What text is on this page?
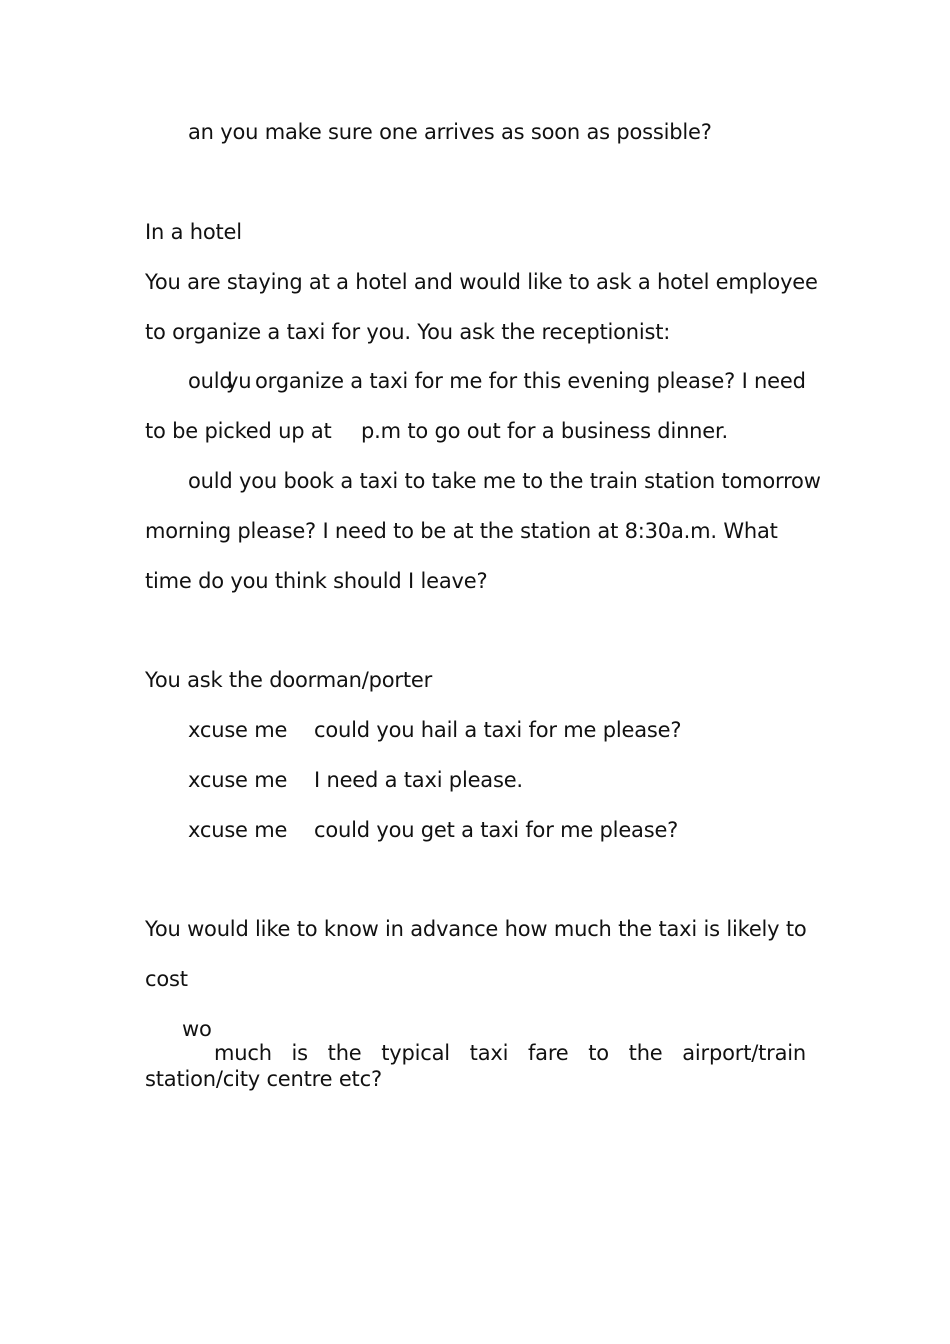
an you make sure one arrives as soon as possible?
In a hotel
You are staying at a hotel and would like to ask a hotel employee
to organize a taxi for you. You ask the receptionist:
ould
yu organize a taxi for me for this evening please? I need
to be picked up at p.m to go out for a business dinner.
ould you book a taxi to take me to the train station tomorrow
morning please? I need to be at the station at 8:30a.m. What
time do you think should I leave?
You ask the doorman/porter
xcuse me could you hail a taxi for me please?
xcuse me I need a taxi please.
xcuse me could you get a taxi for me please?
You would like to know in advance how much the taxi is likely to
cost
wo
much is the typical taxi fare to the airport/train
station/city centre etc?
